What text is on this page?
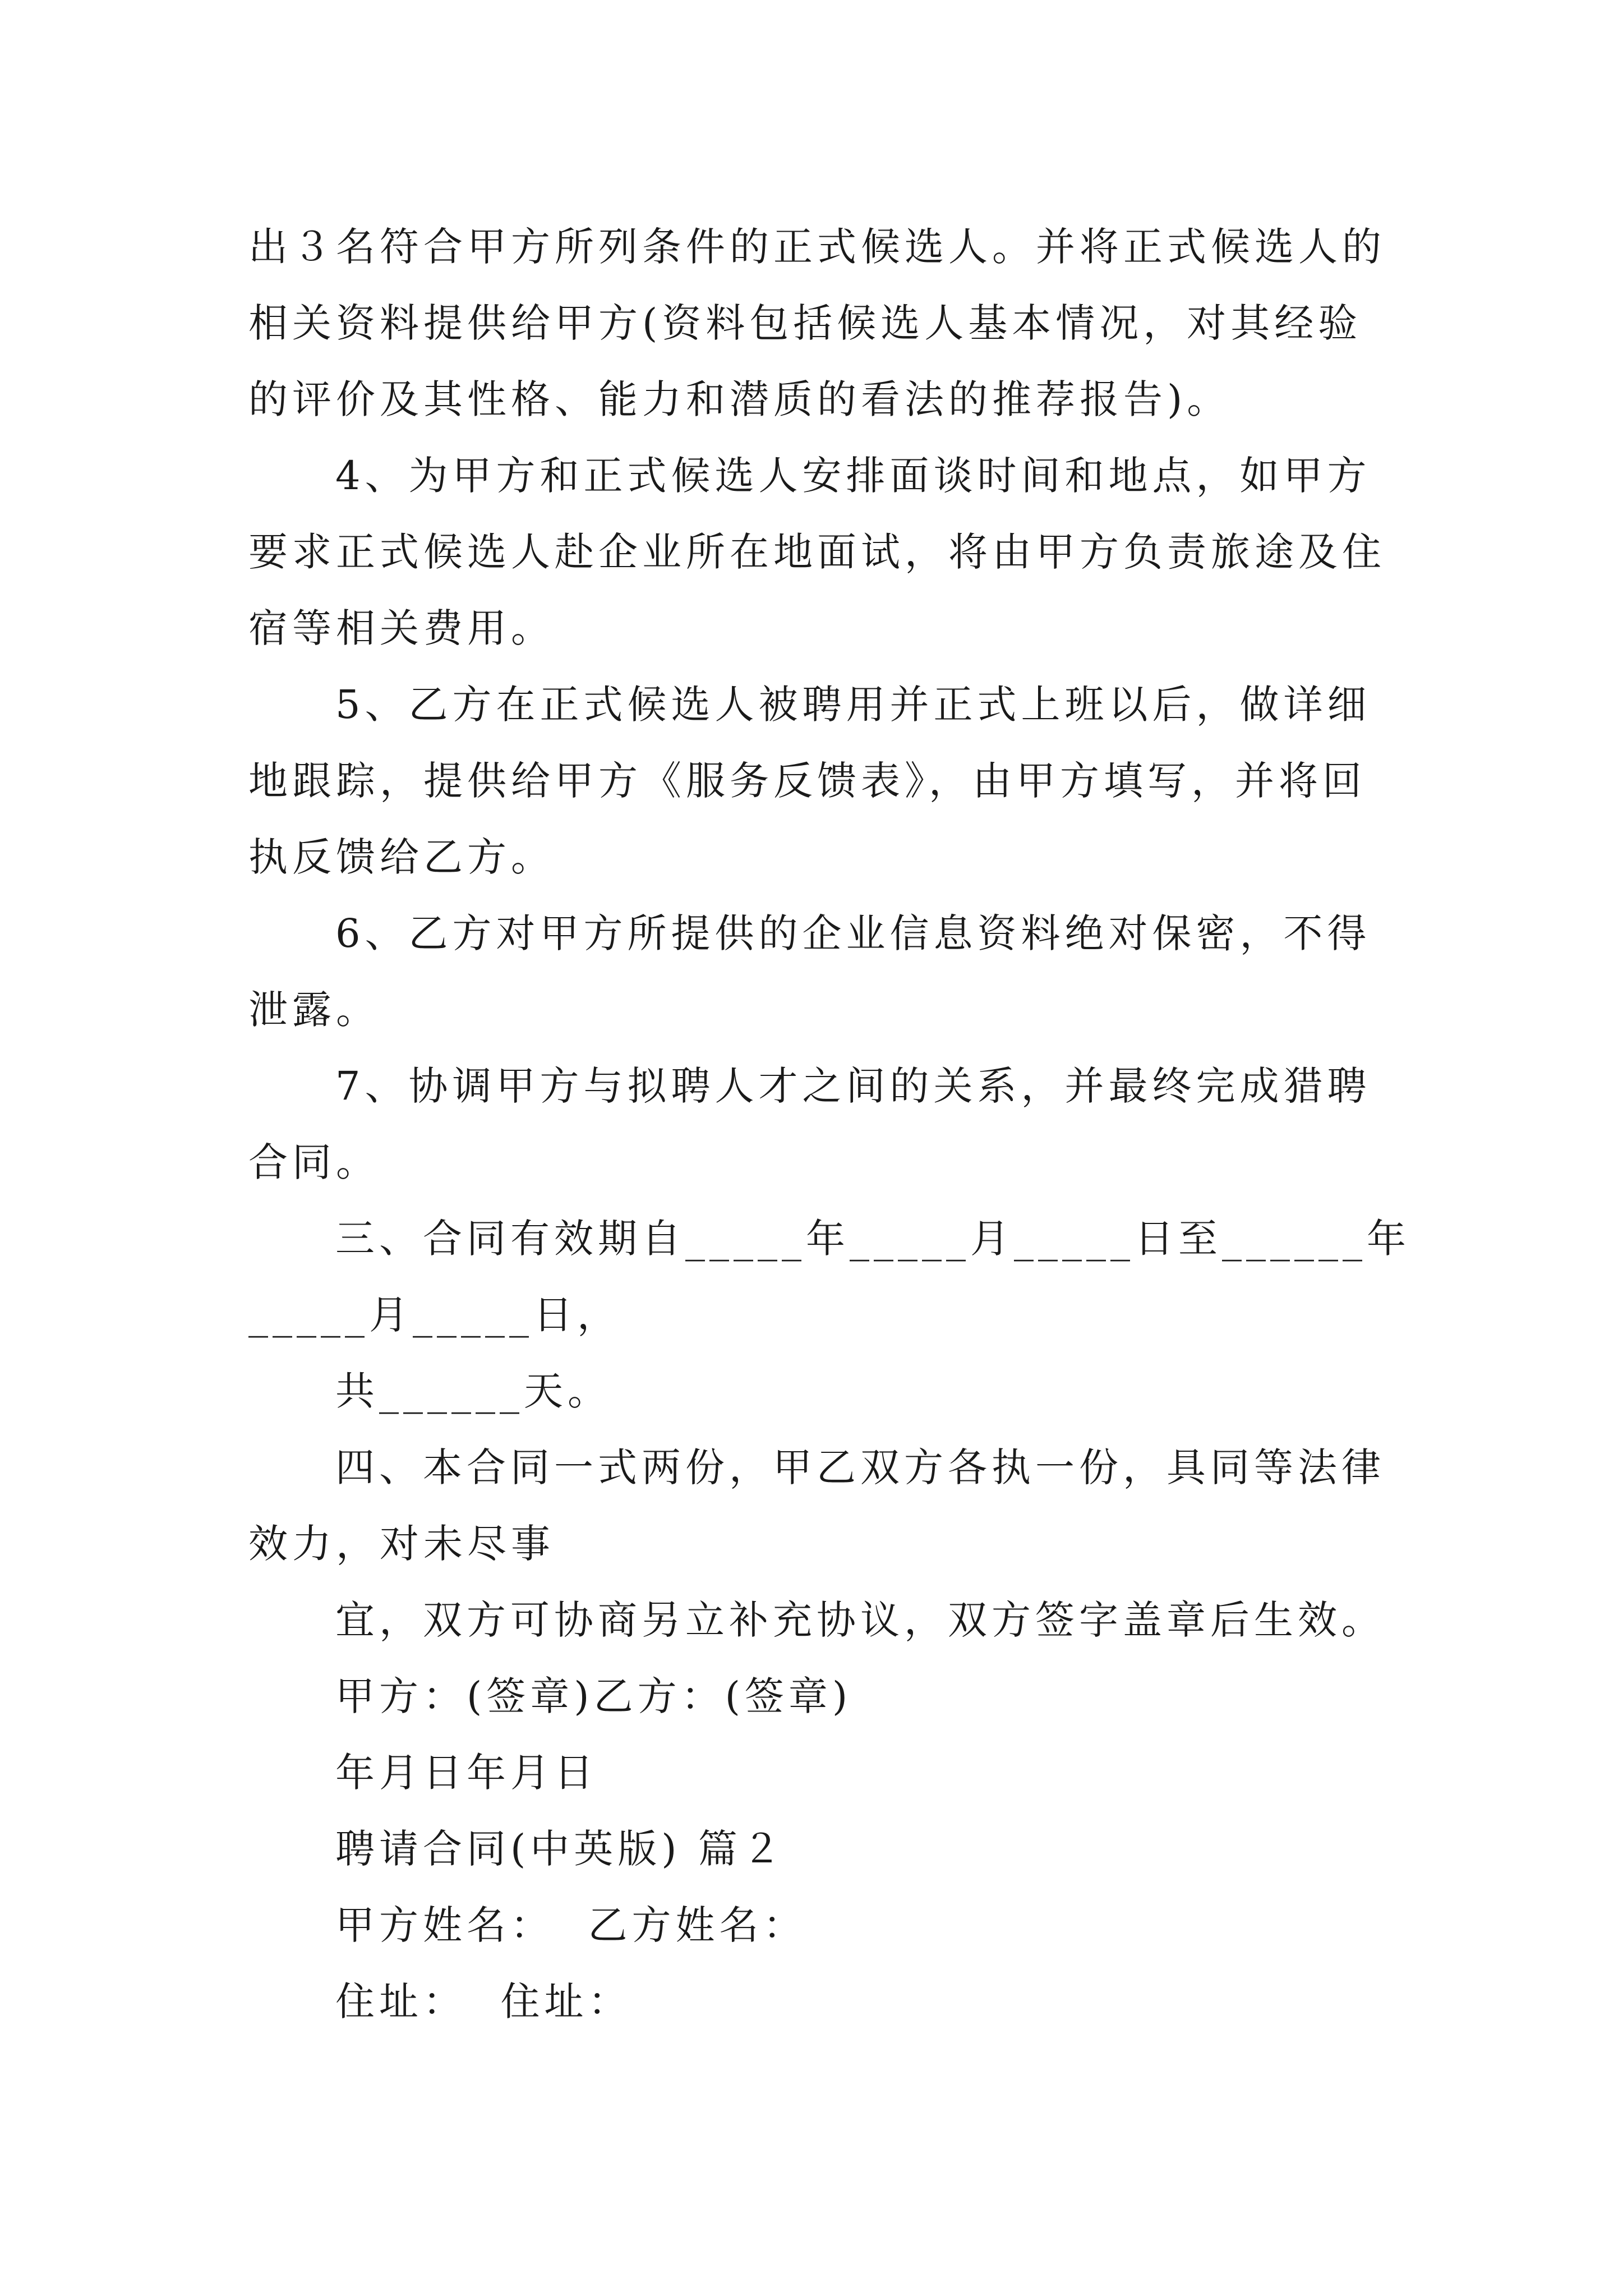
出３名符合甲方所列条件的正式候选人。并将正式候选人的
相关资料提供给甲方(资料包括候选人基本情况，对其经验
的评价及其性格、能力和潜质的看法的推荐报告)。
4、为甲方和正式候选人安排面谈时间和地点，如甲方
要求正式候选人赴企业所在地面试，将由甲方负责旅途及住
宿等相关费用。
5、乙方在正式候选人被聘用并正式上班以后，做详细
地跟踪，提供给甲方《服务反馈表》，由甲方填写，并将回
执反馈给乙方。
6、乙方对甲方所提供的企业信息资料绝对保密，不得
泄露。
7、协调甲方与拟聘人才之间的关系，并最终完成猎聘
合同。
三、合同有效期自_____年_____月_____日至______年
_____月_____日，
共______天。
四、本合同一式两份，甲乙双方各执一份，具同等法律
效力，对未尽事
宜，双方可协商另立补充协议，双方签字盖章后生效。
甲方：(签章)乙方：(签章)
年月日年月日
聘请合同(中英版) 篇２
甲方姓名：  乙方姓名：
住址：  住址：
